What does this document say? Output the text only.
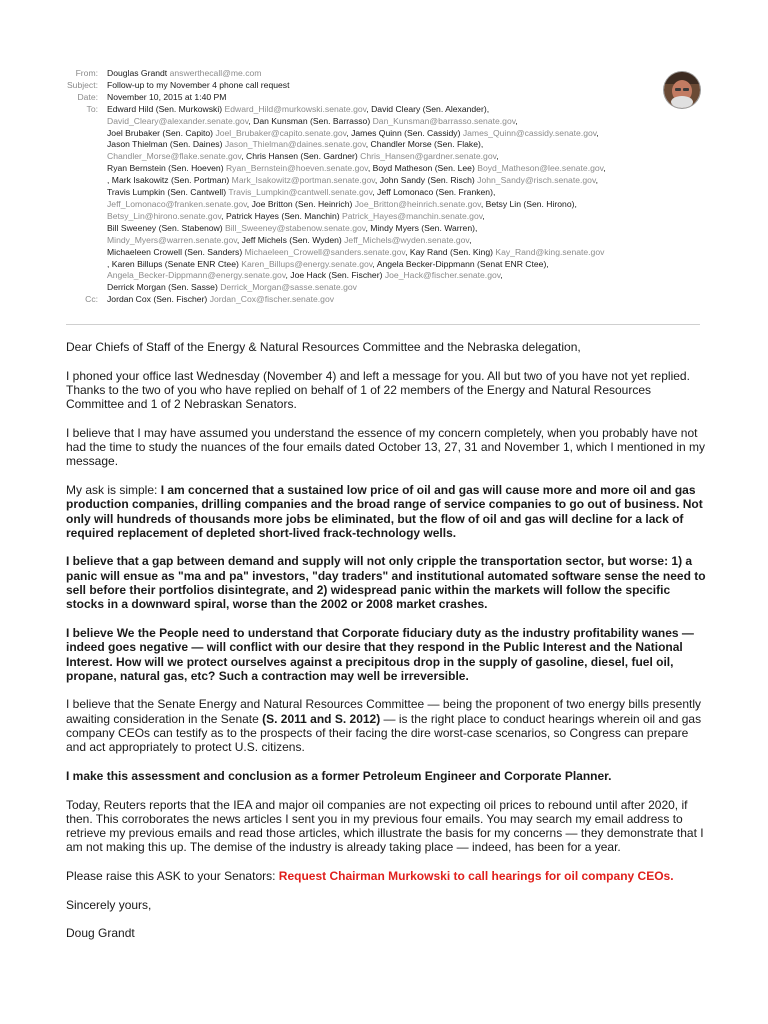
From:	Douglas Grandt answerthecall@me.com
Subject:	Follow-up to my November 4 phone call request
Date:	November 10, 2015 at 1:40 PM
To:	Edward Hild (Sen. Murkowski) Edward_Hild@murkowski.senate.gov, David Cleary (Sen. Alexander),
David_Cleary@alexander.senate.gov, Dan Kunsman (Sen. Barrasso) Dan_Kunsman@barrasso.senate.gov,
Joel Brubaker (Sen. Capito) Joel_Brubaker@capito.senate.gov, James Quinn (Sen. Cassidy) James_Quinn@cassidy.senate.gov,
Jason Thielman (Sen. Daines) Jason_Thielman@daines.senate.gov, Chandler Morse (Sen. Flake),
Chandler_Morse@flake.senate.gov, Chris Hansen (Sen. Gardner) Chris_Hansen@gardner.senate.gov,
Ryan Bernstein (Sen. Hoeven) Ryan_Bernstein@hoeven.senate.gov, Boyd Matheson (Sen. Lee) Boyd_Matheson@lee.senate.gov,
, Mark Isakowitz (Sen. Portman) Mark_Isakowitz@portman.senate.gov, John Sandy (Sen. Risch) John_Sandy@risch.senate.gov,
Travis Lumpkin (Sen. Cantwell) Travis_Lumpkin@cantwell.senate.gov, Jeff Lomonaco (Sen. Franken),
Jeff_Lomonaco@franken.senate.gov, Joe Britton (Sen. Heinrich) Joe_Britton@heinrich.senate.gov, Betsy Lin (Sen. Hirono),
Betsy_Lin@hirono.senate.gov, Patrick Hayes (Sen. Manchin) Patrick_Hayes@manchin.senate.gov,
Bill Sweeney (Sen. Stabenow) Bill_Sweeney@stabenow.senate.gov, Mindy Myers (Sen. Warren),
Mindy_Myers@warren.senate.gov, Jeff Michels (Sen. Wyden) Jeff_Michels@wyden.senate.gov,
Michaeleen Crowell (Sen. Sanders) Michaeleen_Crowell@sanders.senate.gov, Kay Rand (Sen. King) Kay_Rand@king.senate.gov
, Karen Billups (Senate ENR Ctee) Karen_Billups@energy.senate.gov, Angela Becker-Dippmann (Senat ENR Ctee),
Angela_Becker-Dippmann@energy.senate.gov, Joe Hack (Sen. Fischer) Joe_Hack@fischer.senate.gov,
Derrick Morgan (Sen. Sasse) Derrick_Morgan@sasse.senate.gov
Cc:	Jordan Cox (Sen. Fischer) Jordan_Cox@fischer.senate.gov

Dear Chiefs of Staff of the Energy & Natural Resources Committee and the Nebraska delegation,

I phoned your office last Wednesday (November 4) and left a message for you. All but two of you have not yet replied. Thanks to the two of you who have replied on behalf of 1 of 22 members of the Energy and Natural Resources Committee and 1 of 2 Nebraskan Senators.

I believe that I may have assumed you understand the essence of my concern completely, when you probably have not had the time to study the nuances of the four emails dated October 13, 27, 31 and November 1, which I mentioned in my message.

My ask is simple: I am concerned that a sustained low price of oil and gas will cause more and more oil and gas production companies, drilling companies and the broad range of service companies to go out of business. Not only will hundreds of thousands more jobs be eliminated, but the flow of oil and gas will decline for a lack of required replacement of depleted short-lived frack-technology wells.

I believe that a gap between demand and supply will not only cripple the transportation sector, but worse: 1) a panic will ensue as "ma and pa" investors, "day traders" and institutional automated software sense the need to sell before their portfolios disintegrate, and 2) widespread panic within the markets will follow the specific stocks in a downward spiral, worse than the 2002 or 2008 market crashes.

I believe We the People need to understand that Corporate fiduciary duty as the industry profitability wanes — indeed goes negative — will conflict with our desire that they respond in the Public Interest and the National Interest. How will we protect ourselves against a precipitous drop in the supply of gasoline, diesel, fuel oil, propane, natural gas, etc? Such a contraction may well be irreversible.

I believe that the Senate Energy and Natural Resources Committee — being the proponent of two energy bills presently awaiting consideration in the Senate (S. 2011 and S. 2012) — is the right place to conduct hearings wherein oil and gas company CEOs can testify as to the prospects of their facing the dire worst-case scenarios, so Congress can prepare and act appropriately to protect U.S. citizens.

I make this assessment and conclusion as a former Petroleum Engineer and Corporate Planner.

Today, Reuters reports that the IEA and major oil companies are not expecting oil prices to rebound until after 2020, if then. This corroborates the news articles I sent you in my previous four emails. You may search my email address to retrieve my previous emails and read those articles, which illustrate the basis for my concerns — they demonstrate that I am not making this up. The demise of the industry is already taking place — indeed, has been for a year.

Please raise this ASK to your Senators: Request Chairman Murkowski to call hearings for oil company CEOs.

Sincerely yours,

Doug Grandt
